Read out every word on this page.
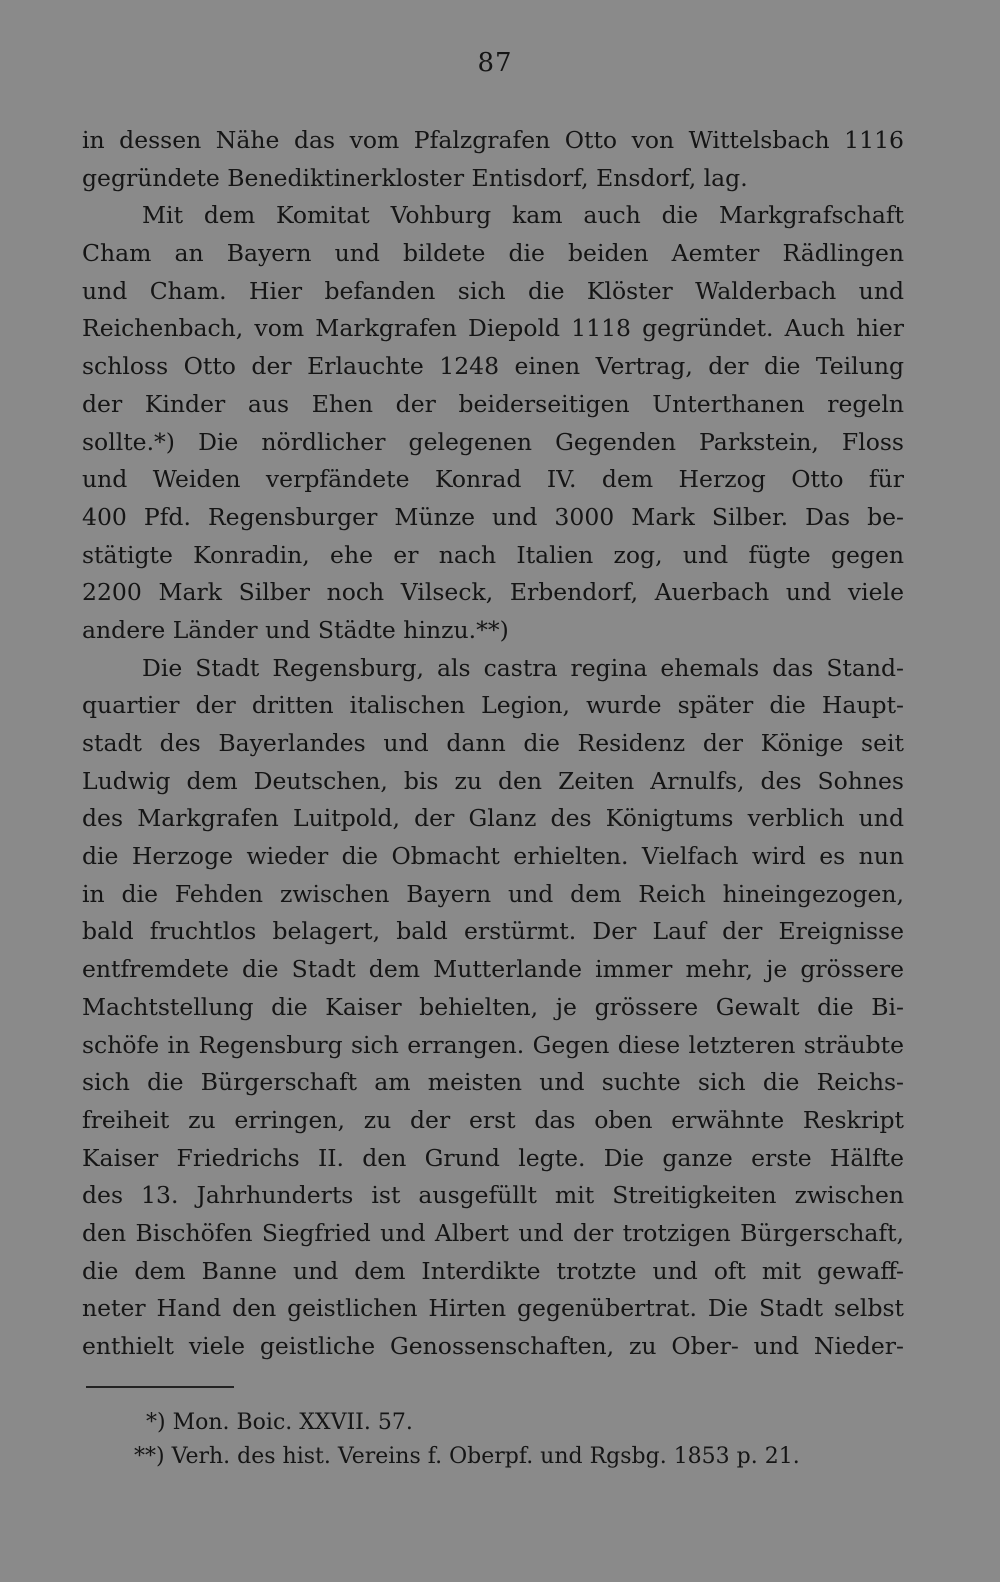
87
in dessen Nähe das vom Pfalzgrafen Otto von Wittelsbach 1116
gegründete Benediktinerkloster Entisdorf, Ensdorf, lag.
Mit dem Komitat Vohburg kam auch die Markgrafschaft
Cham an Bayern und bildete die beiden Aemter Rädlingen
und Cham. Hier befanden sich die Klöster Walderbach und
Reichenbach, vom Markgrafen Diepold 1118 gegründet. Auch hier
schloss Otto der Erlauchte 1248 einen Vertrag, der die Teilung
der Kinder aus Ehen der beiderseitigen Unterthanen regeln
sollte.*) Die nördlicher gelegenen Gegenden Parkstein, Floss
und Weiden verpfändete Konrad IV. dem Herzog Otto für
400 Pfd. Regensburger Münze und 3000 Mark Silber. Das be-
stätigte Konradin, ehe er nach Italien zog, und fügte gegen
2200 Mark Silber noch Vilseck, Erbendorf, Auerbach und viele
andere Länder und Städte hinzu.**)
Die Stadt Regensburg, als castra regina ehemals das Stand-
quartier der dritten italischen Legion, wurde später die Haupt-
stadt des Bayerlandes und dann die Residenz der Könige seit
Ludwig dem Deutschen, bis zu den Zeiten Arnulfs, des Sohnes
des Markgrafen Luitpold, der Glanz des Königtums verblich und
die Herzoge wieder die Obmacht erhielten. Vielfach wird es nun
in die Fehden zwischen Bayern und dem Reich hineingezogen,
bald fruchtlos belagert, bald erstürmt. Der Lauf der Ereignisse
entfremdete die Stadt dem Mutterlande immer mehr, je grössere
Machtstellung die Kaiser behielten, je grössere Gewalt die Bi-
schöfe in Regensburg sich errangen. Gegen diese letzteren sträubte
sich die Bürgerschaft am meisten und suchte sich die Reichs-
freiheit zu erringen, zu der erst das oben erwähnte Reskript
Kaiser Friedrichs II. den Grund legte. Die ganze erste Hälfte
des 13. Jahrhunderts ist ausgefüllt mit Streitigkeiten zwischen
den Bischöfen Siegfried und Albert und der trotzigen Bürgerschaft,
die dem Banne und dem Interdikte trotzte und oft mit gewaff-
neter Hand den geistlichen Hirten gegenübertrat. Die Stadt selbst
enthielt viele geistliche Genossenschaften, zu Ober- und Nieder-
*) Mon. Boic. XXVII. 57.
**) Verh. des hist. Vereins f. Oberpf. und Rgsbg. 1853 p. 21.
